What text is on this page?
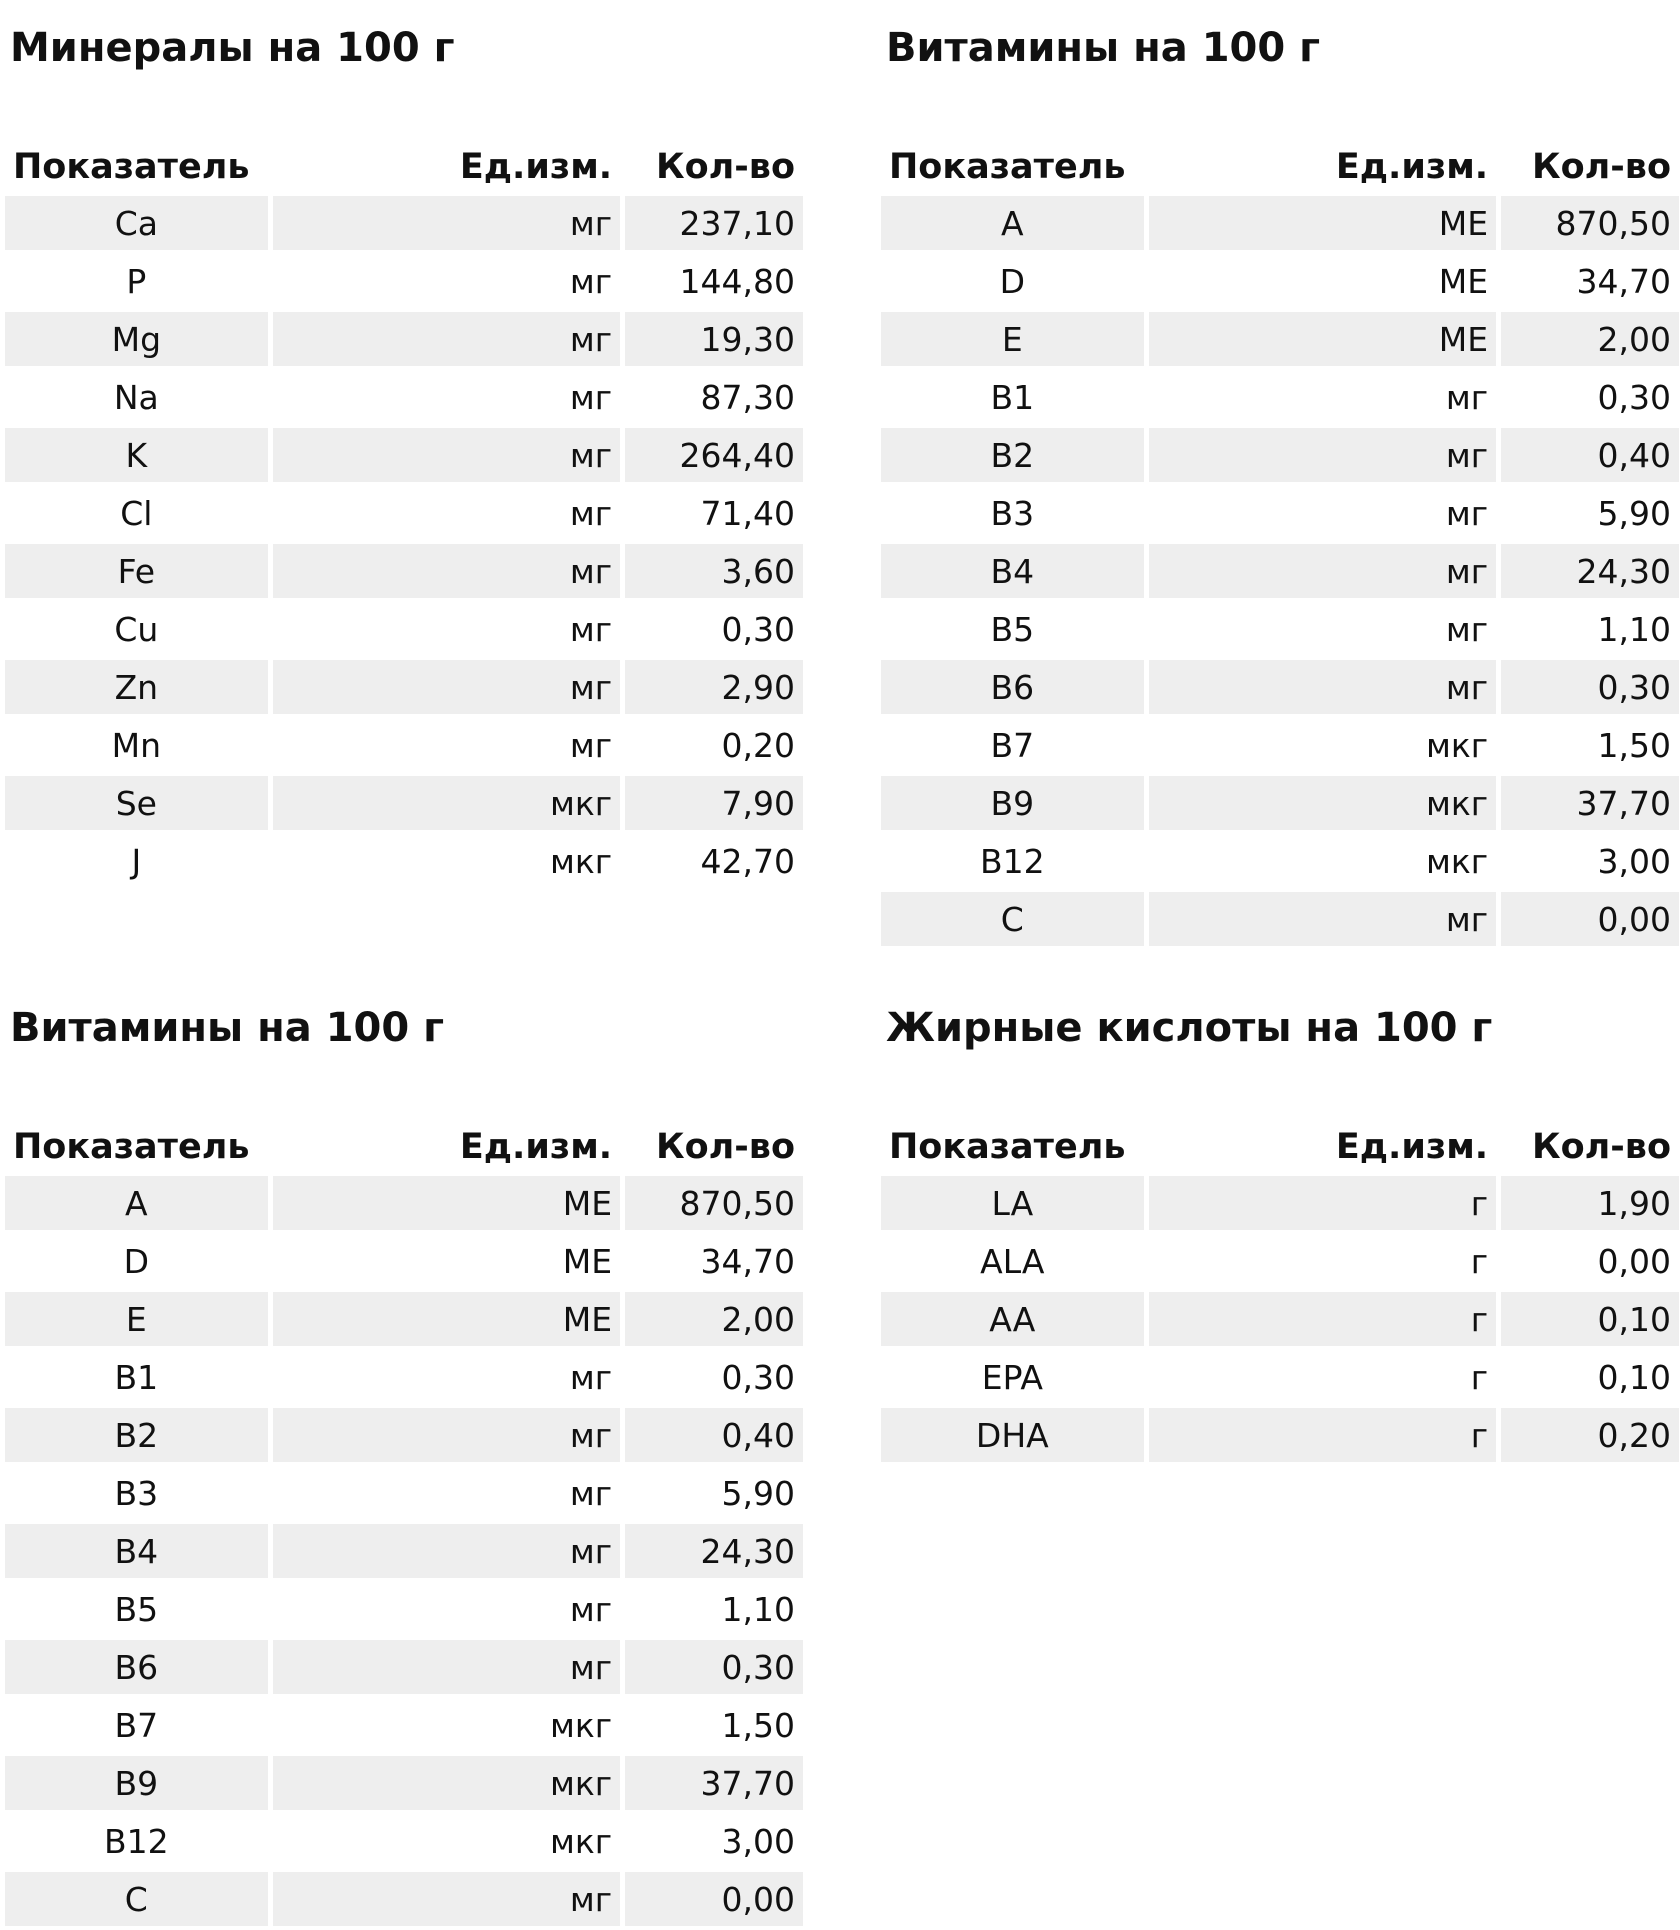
Минералы на 100 г
Показатель	Ед.изм.	Кол-во
Ca	мг	237,10
P	мг	144,80
Mg	мг	19,30
Na	мг	87,30
K	мг	264,40
Cl	мг	71,40
Fe	мг	3,60
Cu	мг	0,30
Zn	мг	2,90
Mn	мг	0,20
Se	мкг	7,90
J	мкг	42,70
Витамины на 100 г
Показатель	Ед.изм.	Кол-во
A	МЕ	870,50
D	МЕ	34,70
E	МЕ	2,00
B1	мг	0,30
B2	мг	0,40
B3	мг	5,90
B4	мг	24,30
B5	мг	1,10
B6	мг	0,30
B7	мкг	1,50
B9	мкг	37,70
B12	мкг	3,00
C	мг	0,00
Витамины на 100 г
Показатель	Ед.изм.	Кол-во
A	МЕ	870,50
D	МЕ	34,70
E	МЕ	2,00
B1	мг	0,30
B2	мг	0,40
B3	мг	5,90
B4	мг	24,30
B5	мг	1,10
B6	мг	0,30
B7	мкг	1,50
B9	мкг	37,70
B12	мкг	3,00
C	мг	0,00
Жирные кислоты на 100 г
Показатель	Ед.изм.	Кол-во
LA	г	1,90
ALA	г	0,00
AA	г	0,10
EPA	г	0,10
DHA	г	0,20
